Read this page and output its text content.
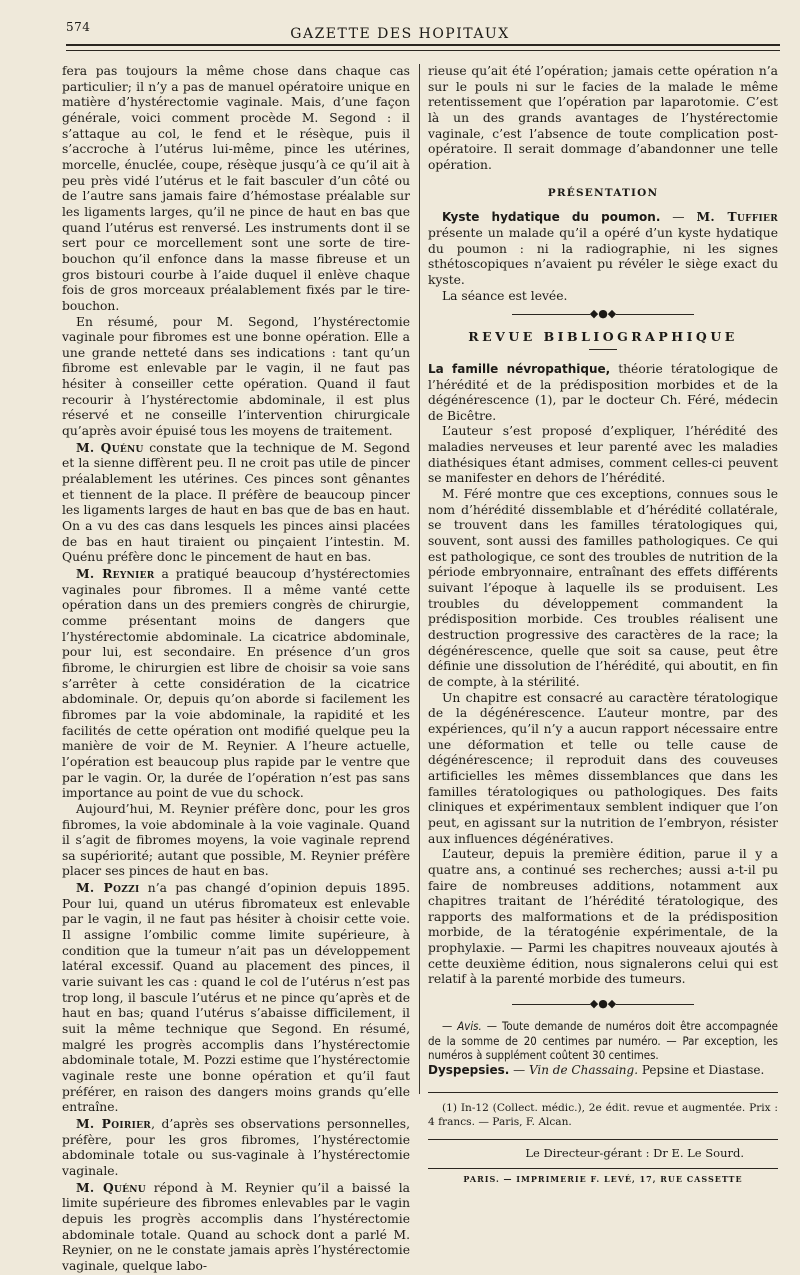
574	GAZETTE DES HOPITAUX

fera pas toujours la même chose dans chaque cas particulier; il n’y a pas de manuel opératoire unique en matière d’hystérectomie vaginale. Mais, d’une façon générale, voici comment procède M. Segond : il s’attaque au col, le fend et le résèque, puis il s’accroche à l’utérus lui-même, pince les utérines, morcelle, énuclée, coupe, résèque jusqu’à ce qu’il ait à peu près vidé l’utérus et le fait basculer d’un côté ou de l’autre sans jamais faire d’hémostase préalable sur les ligaments larges, qu’il ne pince de haut en bas que quand l’utérus est renversé. Les instruments dont il se sert pour ce morcellement sont une sorte de tire-bouchon qu’il enfonce dans la masse fibreuse et un gros bistouri courbe à l’aide duquel il enlève chaque fois de gros morceaux préalablement fixés par le tire-bouchon.

En résumé, pour M. Segond, l’hystérectomie vaginale pour fibromes est une bonne opération. Elle a une grande netteté dans ses indications : tant qu’un fibrome est enlevable par le vagin, il ne faut pas hésiter à conseiller cette opération. Quand il faut recourir à l’hystérectomie abdominale, il est plus réservé et ne conseille l’intervention chirurgicale qu’après avoir épuisé tous les moyens de traitement.

M. Quénu constate que la technique de M. Segond et la sienne diffèrent peu. Il ne croit pas utile de pincer préalablement les utérines. Ces pinces sont gênantes et tiennent de la place. Il préfère de beaucoup pincer les ligaments larges de haut en bas que de bas en haut. On a vu des cas dans lesquels les pinces ainsi placées de bas en haut tiraient ou pinçaient l’intestin. M. Quénu préfère donc le pincement de haut en bas.

M. Reynier a pratiqué beaucoup d’hystérectomies vaginales pour fibromes. Il a même vanté cette opération dans un des premiers congrès de chirurgie, comme présentant moins de dangers que l’hystérectomie abdominale. La cicatrice abdominale, pour lui, est secondaire. En présence d’un gros fibrome, le chirurgien est libre de choisir sa voie sans s’arrêter à cette considération de la cicatrice abdominale. Or, depuis qu’on aborde si facilement les fibromes par la voie abdominale, la rapidité et les facilités de cette opération ont modifié quelque peu la manière de voir de M. Reynier. A l’heure actuelle, l’opération est beaucoup plus rapide par le ventre que par le vagin. Or, la durée de l’opération n’est pas sans importance au point de vue du schock.

Aujourd’hui, M. Reynier préfère donc, pour les gros fibromes, la voie abdominale à la voie vaginale. Quand il s’agit de fibromes moyens, la voie vaginale reprend sa supériorité; autant que possible, M. Reynier préfère placer ses pinces de haut en bas.

M. Pozzi n’a pas changé d’opinion depuis 1895. Pour lui, quand un utérus fibromateux est enlevable par le vagin, il ne faut pas hésiter à choisir cette voie. Il assigne l’ombilic comme limite supérieure, à condition que la tumeur n’ait pas un développement latéral excessif. Quand au placement des pinces, il varie suivant les cas : quand le col de l’utérus n’est pas trop long, il bascule l’utérus et ne pince qu’après et de haut en bas; quand l’utérus s’abaisse difficilement, il suit la même technique que Segond. En résumé, malgré les progrès accomplis dans l’hystérectomie abdominale totale, M. Pozzi estime que l’hystérectomie vaginale reste une bonne opération et qu’il faut préférer, en raison des dangers moins grands qu’elle entraîne.

M. Poirier, d’après ses observations personnelles, préfère, pour les gros fibromes, l’hystérectomie abdominale totale ou sus-vaginale à l’hystérectomie vaginale.

M. Quénu répond à M. Reynier qu’il a baissé la limite supérieure des fibromes enlevables par le vagin depuis les progrès accomplis dans l’hystérectomie abdominale totale. Quand au schock dont a parlé M. Reynier, on ne le constate jamais après l’hystérectomie vaginale, quelque labo-

rieuse qu’ait été l’opération; jamais cette opération n’a sur le pouls ni sur le facies de la malade le même retentissement que l’opération par laparotomie. C’est là un des grands avantages de l’hystérectomie vaginale, c’est l’absence de toute complication post-opératoire. Il serait dommage d’abandonner une telle opération.

PRÉSENTATION

Kyste hydatique du poumon. — M. Tuffier présente un malade qu’il a opéré d’un kyste hydatique du poumon : ni la radiographie, ni les signes sthétoscopiques n’avaient pu révéler le siège exact du kyste.

La séance est levée.

◆●◆
REVUE BIBLIOGRAPHIQUE

La famille névropathique, théorie tératologique de l’hérédité et de la prédisposition morbides et de la dégénérescence (1), par le docteur Ch. Féré, médecin de Bicêtre.

L’auteur s’est proposé d’expliquer, l’hérédité des maladies nerveuses et leur parenté avec les maladies diathésiques étant admises, comment celles-ci peuvent se manifester en dehors de l’hérédité.

M. Féré montre que ces exceptions, connues sous le nom d’hérédité dissemblable et d’hérédité collatérale, se trouvent dans les familles tératologiques qui, souvent, sont aussi des familles pathologiques. Ce qui est pathologique, ce sont des troubles de nutrition de la période embryonnaire, entraînant des effets différents suivant l’époque à laquelle ils se produisent. Les troubles du développement commandent la prédisposition morbide. Ces troubles réalisent une destruction progressive des caractères de la race; la dégénérescence, quelle que soit sa cause, peut être définie une dissolution de l’hérédité, qui aboutit, en fin de compte, à la stérilité.

Un chapitre est consacré au caractère tératologique de la dégénérescence. L’auteur montre, par des expériences, qu’il n’y a aucun rapport nécessaire entre une déformation et telle ou telle cause de dégénérescence; il reproduit dans des couveuses artificielles les mêmes dissemblances que dans les familles tératologiques ou pathologiques. Des faits cliniques et expérimentaux semblent indiquer que l’on peut, en agissant sur la nutrition de l’embryon, résister aux influences dégénératives.

L’auteur, depuis la première édition, parue il y a quatre ans, a continué ses recherches; aussi a-t-il pu faire de nombreuses additions, notamment aux chapitres traitant de l’hérédité tératologique, des rapports des malformations et de la prédisposition morbide, de la tératogénie expérimentale, de la prophylaxie. — Parmi les chapitres nouveaux ajoutés à cette deuxième édition, nous signalerons celui qui est relatif à la parenté morbide des tumeurs.

◆●◆

— Avis. — Toute demande de numéros doit être accompagnée de la somme de 20 centimes par numéro. — Par exception, les numéros à supplément coûtent 30 centimes.

Dyspepsies. — Vin de Chassaing. Pepsine et Diastase.

(1) In-12 (Collect. médic.), 2e édit. revue et augmentée. Prix : 4 francs. — Paris, F. Alcan.

Le Directeur-gérant : Dr E. Le Sourd.

PARIS. — IMPRIMERIE F. LEVÉ, 17, RUE CASSETTE
